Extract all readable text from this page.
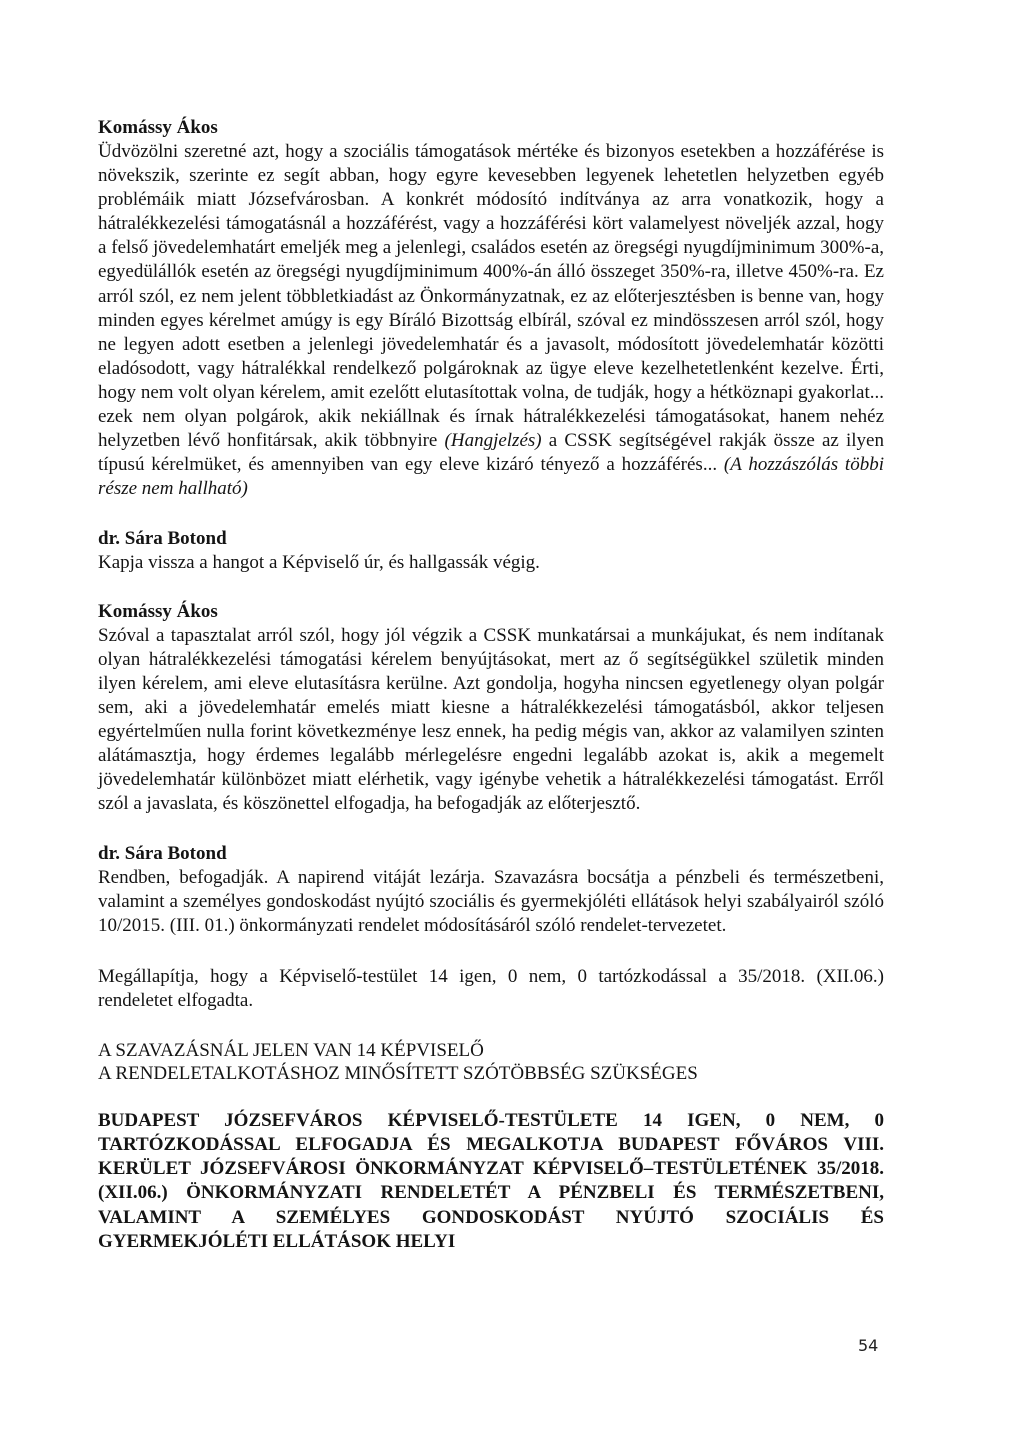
Komássy Ákos

Üdvözölni szeretné azt, hogy a szociális támogatások mértéke és bizonyos esetekben a hozzáférése is növekszik, szerinte ez segít abban, hogy egyre kevesebben legyenek lehetetlen helyzetben egyéb problémáik miatt Józsefvárosban. A konkrét módosító indítványa az arra vonatkozik, hogy a hátralékkezelési támogatásnál a hozzáférést, vagy a hozzáférési kört valamelyest növeljék azzal, hogy a felső jövedelemhatárt emeljék meg a jelenlegi, családos esetén az öregségi nyugdíjminimum 300%-a, egyedülállók esetén az öregségi nyugdíjminimum 400%-án álló összeget 350%-ra, illetve 450%-ra. Ez arról szól, ez nem jelent többletkiadást az Önkormányzatnak, ez az előterjesztésben is benne van, hogy minden egyes kérelmet amúgy is egy Bíráló Bizottság elbírál, szóval ez mindösszesen arról szól, hogy ne legyen adott esetben a jelenlegi jövedelemhatár és a javasolt, módosított jövedelemhatár közötti eladósodott, vagy hátralékkal rendelkező polgároknak az ügye eleve kezelhetetlenként kezelve. Érti, hogy nem volt olyan kérelem, amit ezelőtt elutasítottak volna, de tudják, hogy a hétköznapi gyakorlat... ezek nem olyan polgárok, akik nekiállnak és írnak hátralékkezelési támogatásokat, hanem nehéz helyzetben lévő honfitársak, akik többnyire (Hangjelzés) a CSSK segítségével rakják össze az ilyen típusú kérelmüket, és amennyiben van egy eleve kizáró tényező a hozzáférés... (A hozzászólás többi része nem hallható)

dr. Sára Botond

Kapja vissza a hangot a Képviselő úr, és hallgassák végig.

Komássy Ákos

Szóval a tapasztalat arról szól, hogy jól végzik a CSSK munkatársai a munkájukat, és nem indítanak olyan hátralékkezelési támogatási kérelem benyújtásokat, mert az ő segítségükkel születik minden ilyen kérelem, ami eleve elutasításra kerülne. Azt gondolja, hogyha nincsen egyetlenegy olyan polgár sem, aki a jövedelemhatár emelés miatt kiesne a hátralékkezelési támogatásból, akkor teljesen egyértelműen nulla forint következménye lesz ennek, ha pedig mégis van, akkor az valamilyen szinten alátámasztja, hogy érdemes legalább mérlegelésre engedni legalább azokat is, akik a megemelt jövedelemhatár különbözet miatt elérhetik, vagy igénybe vehetik a hátralékkezelési támogatást. Erről szól a javaslata, és köszönettel elfogadja, ha befogadják az előterjesztő.

dr. Sára Botond

Rendben, befogadják. A napirend vitáját lezárja. Szavazásra bocsátja a pénzbeli és természetbeni, valamint a személyes gondoskodást nyújtó szociális és gyermekjóléti ellátások helyi szabályairól szóló 10/2015. (III. 01.) önkormányzati rendelet módosításáról szóló rendelet-tervezetet.

Megállapítja, hogy a Képviselő-testület 14 igen, 0 nem, 0 tartózkodással a 35/2018. (XII.06.) rendeletet elfogadta.

A SZAVAZÁSNÁL JELEN VAN 14 KÉPVISELŐ

A RENDELETALKOTÁSHOZ MINŐSÍTETT SZÓTÖBBSÉG SZÜKSÉGES

BUDAPEST JÓZSEFVÁROS KÉPVISELŐ-TESTÜLETE 14 IGEN, 0 NEM, 0 TARTÓZKODÁSSAL ELFOGADJA ÉS MEGALKOTJA BUDAPEST FŐVÁROS VIII. KERÜLET JÓZSEFVÁROSI ÖNKORMÁNYZAT KÉPVISELŐ–TESTÜLETÉNEK 35/2018. (XII.06.) ÖNKORMÁNYZATI RENDELETÉT A PÉNZBELI ÉS TERMÉSZETBENI, VALAMINT A SZEMÉLYES GONDOSKODÁST NYÚJTÓ SZOCIÁLIS ÉS GYERMEKJÓLÉTI ELLÁTÁSOK HELYI

54
